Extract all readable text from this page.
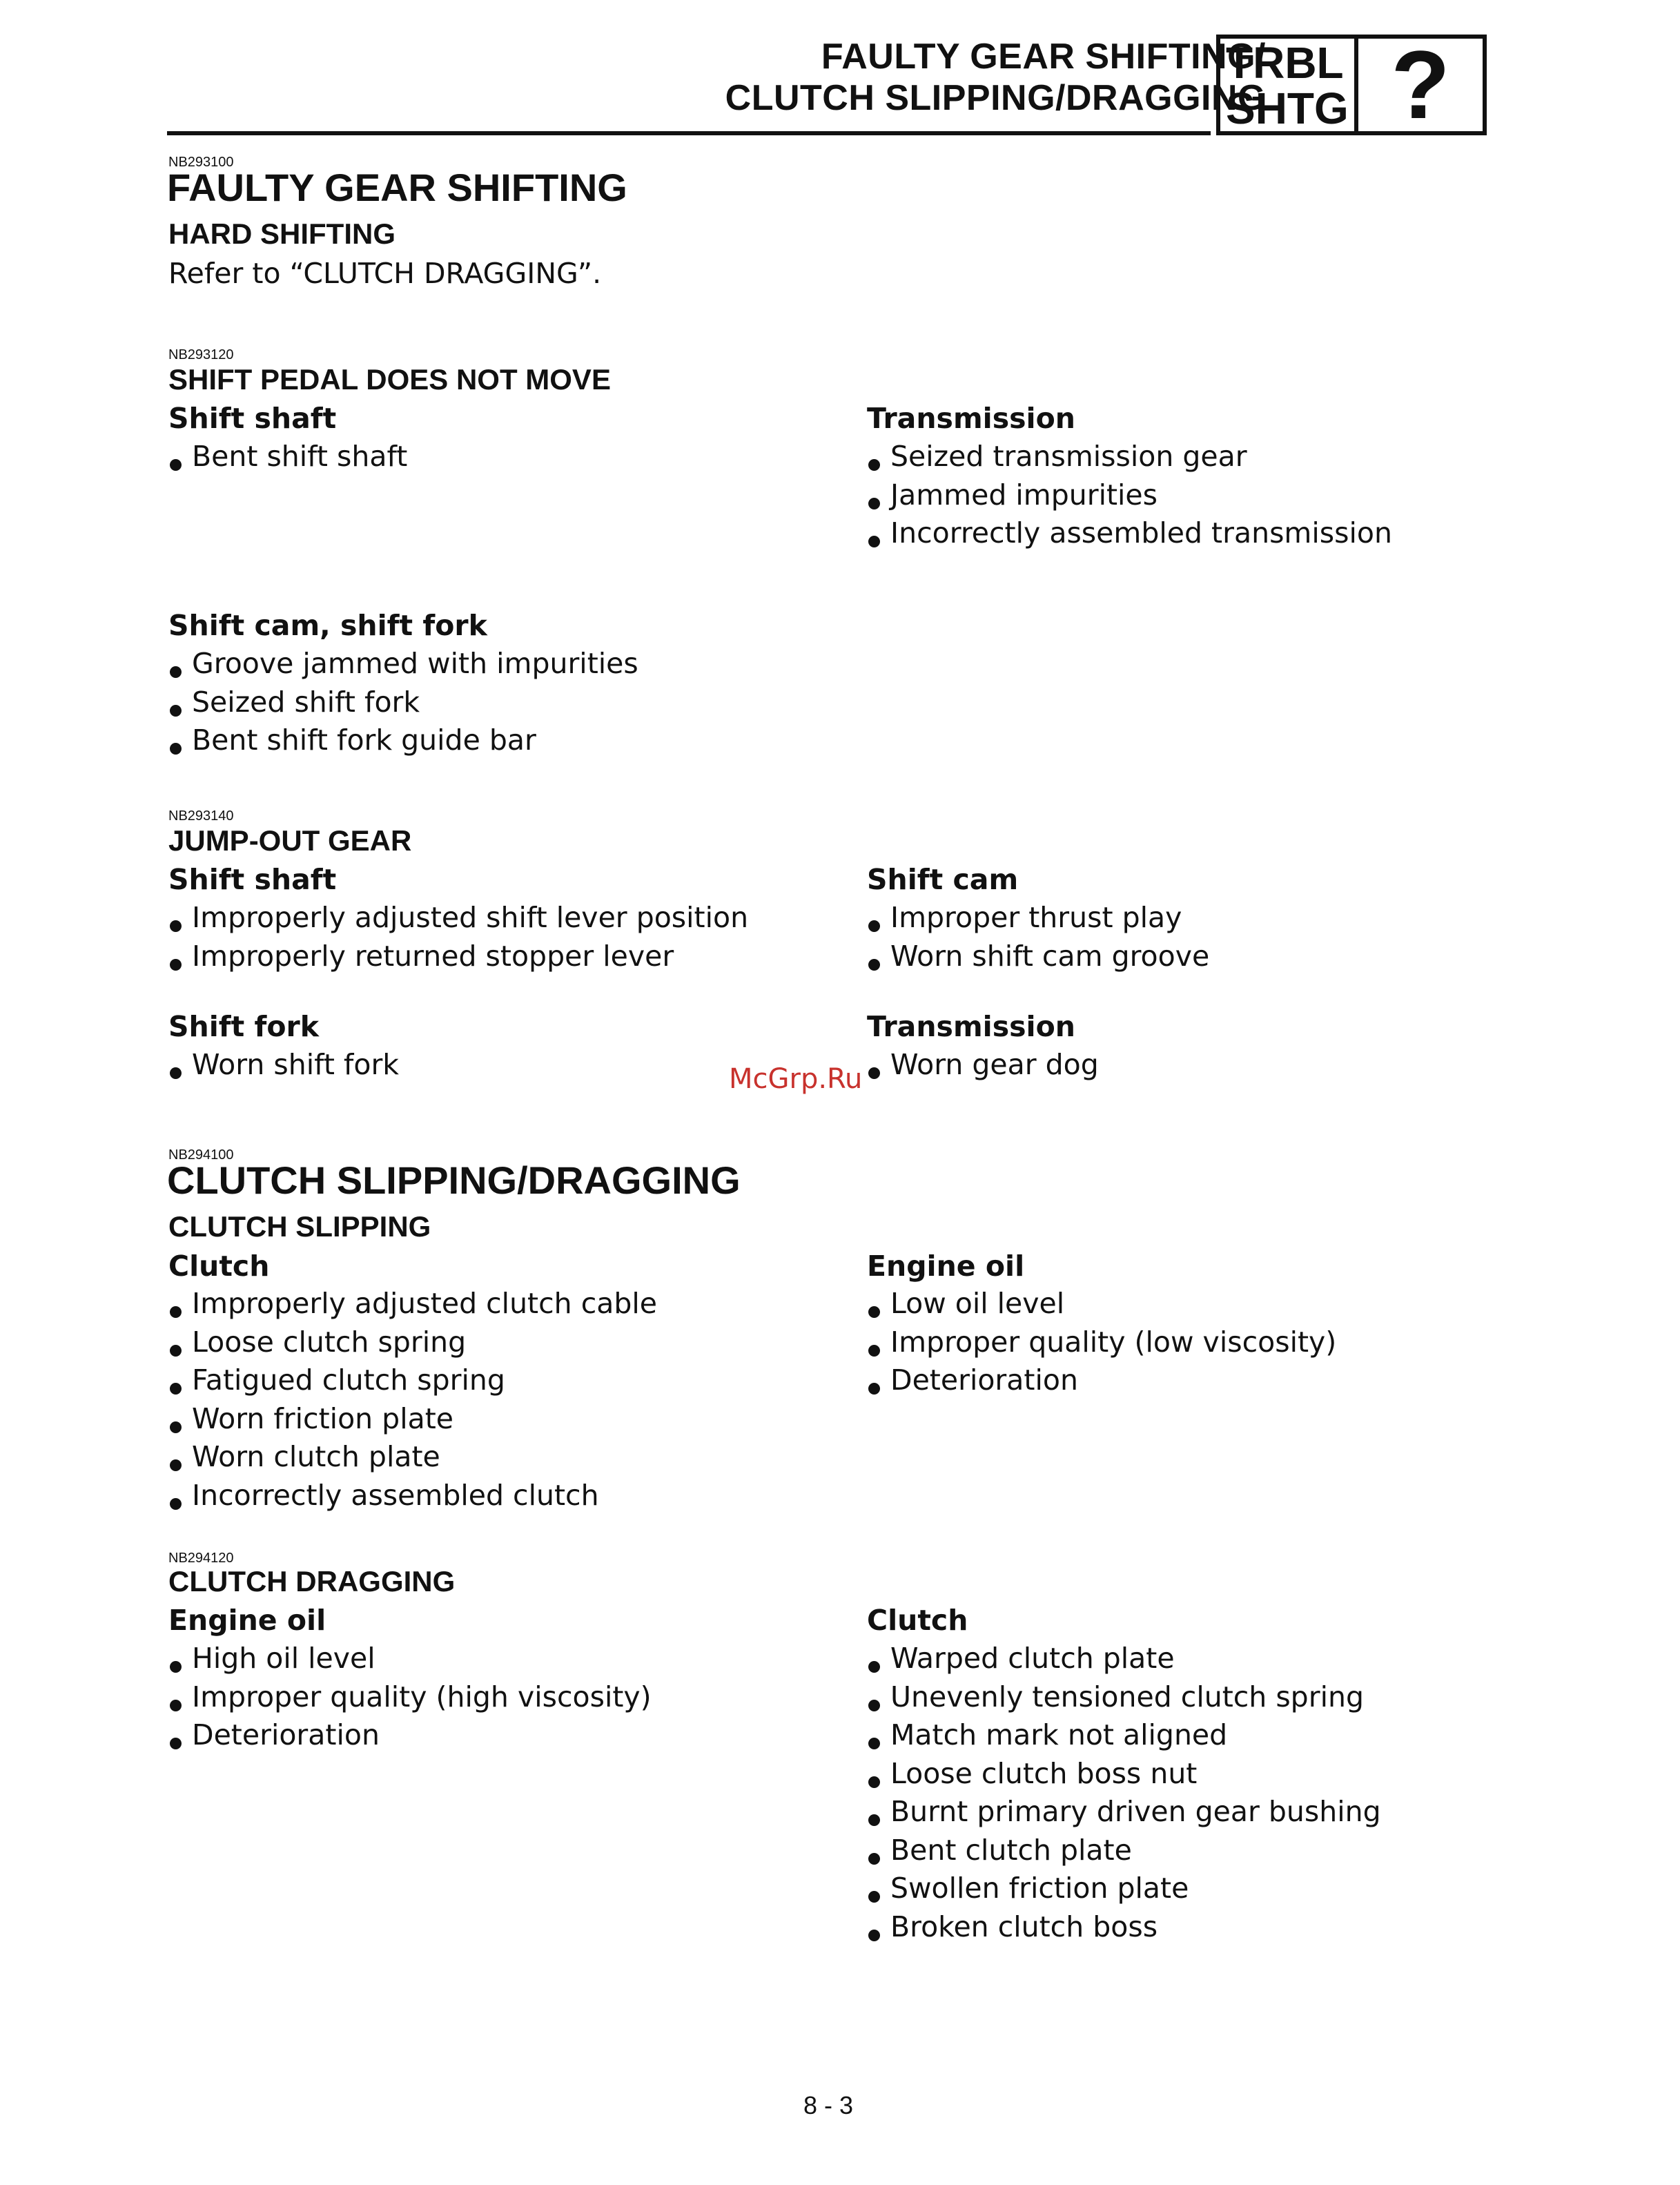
FAULTY GEAR SHIFTING/
CLUTCH SLIPPING/DRAGGING
TRBL
SHTG ?
NB293100
FAULTY GEAR SHIFTING
HARD SHIFTING
Refer to “CLUTCH DRAGGING”.
NB293120
SHIFT PEDAL DOES NOT MOVE
Shift shaft
Bent shift shaft
Transmission
Seized transmission gear
Jammed impurities
Incorrectly assembled transmission
Shift cam, shift fork
Groove jammed with impurities
Seized shift fork
Bent shift fork guide bar
NB293140
JUMP-OUT GEAR
Shift shaft
Improperly adjusted shift lever position
Improperly returned stopper lever
Shift cam
Improper thrust play
Worn shift cam groove
Shift fork
Worn shift fork
Transmission
Worn gear dog
NB294100
CLUTCH SLIPPING/DRAGGING
CLUTCH SLIPPING
Clutch
Improperly adjusted clutch cable
Loose clutch spring
Fatigued clutch spring
Worn friction plate
Worn clutch plate
Incorrectly assembled clutch
Engine oil
Low oil level
Improper quality (low viscosity)
Deterioration
NB294120
CLUTCH DRAGGING
Engine oil
High oil level
Improper quality (high viscosity)
Deterioration
Clutch
Warped clutch plate
Unevenly tensioned clutch spring
Match mark not aligned
Loose clutch boss nut
Burnt primary driven gear bushing
Bent clutch plate
Swollen friction plate
Broken clutch boss
McGrp.Ru
8 - 3
